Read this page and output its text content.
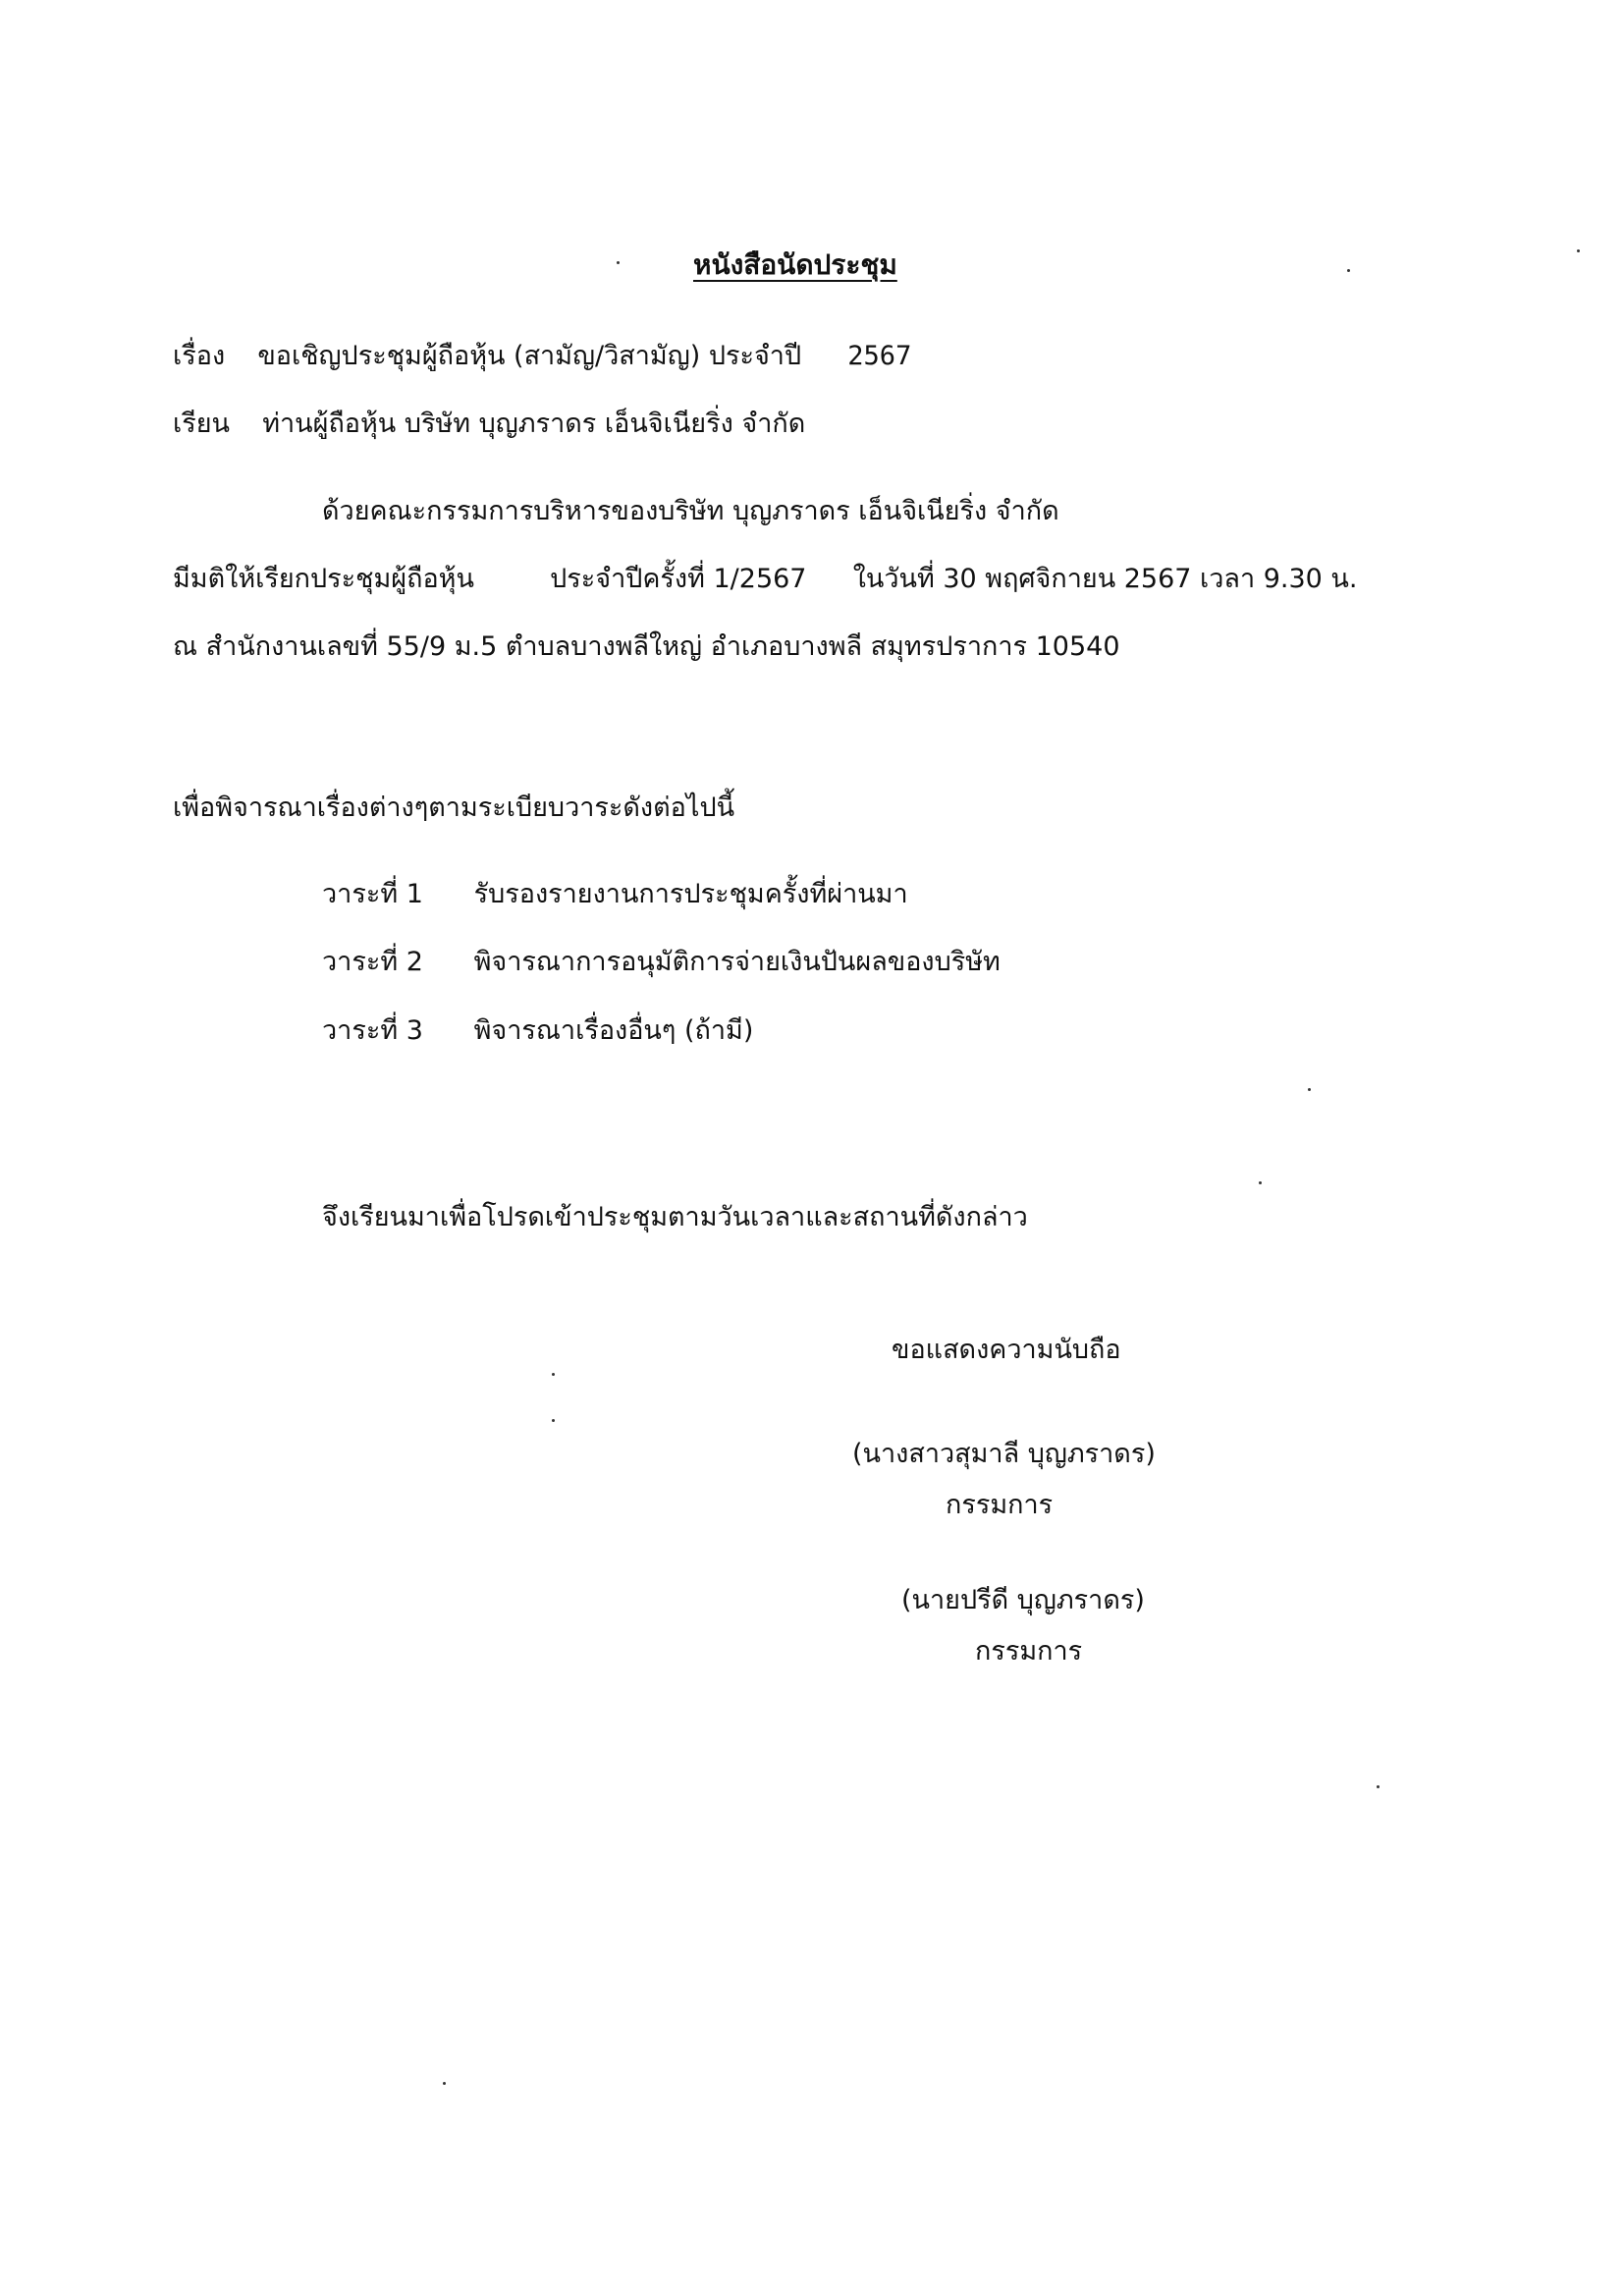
หนังสือนัดประชุม
เรื่อง ขอเชิญประชุมผู้ถือหุ้น (สามัญ/วิสามัญ) ประจำปี 2567
เรียน ท่านผู้ถือหุ้น บริษัท บุญภราดร เอ็นจิเนียริ่ง จำกัด
ด้วยคณะกรรมการบริหารของบริษัท บุญภราดร เอ็นจิเนียริ่ง จำกัด
มีมติให้เรียกประชุมผู้ถือหุ้น	ประจำปีครั้งที่ 1/2567 ในวันที่ 30 พฤศจิกายน 2567 เวลา 9.30 น.
ณ สำนักงานเลขที่ 55/9 ม.5 ตำบลบางพลีใหญ่ อำเภอบางพลี สมุทรปราการ 10540
เพื่อพิจารณาเรื่องต่างๆตามระเบียบวาระดังต่อไปนี้
วาระที่ 1 รับรองรายงานการประชุมครั้งที่ผ่านมา
วาระที่ 2 พิจารณาการอนุมัติการจ่ายเงินปันผลของบริษัท
วาระที่ 3 พิจารณาเรื่องอื่นๆ (ถ้ามี)
จึงเรียนมาเพื่อโปรดเข้าประชุมตามวันเวลาและสถานที่ดังกล่าว
ขอแสดงความนับถือ
(นางสาวสุมาลี บุญภราดร)
กรรมการ
(นายปรีดี บุญภราดร)
กรรมการ
